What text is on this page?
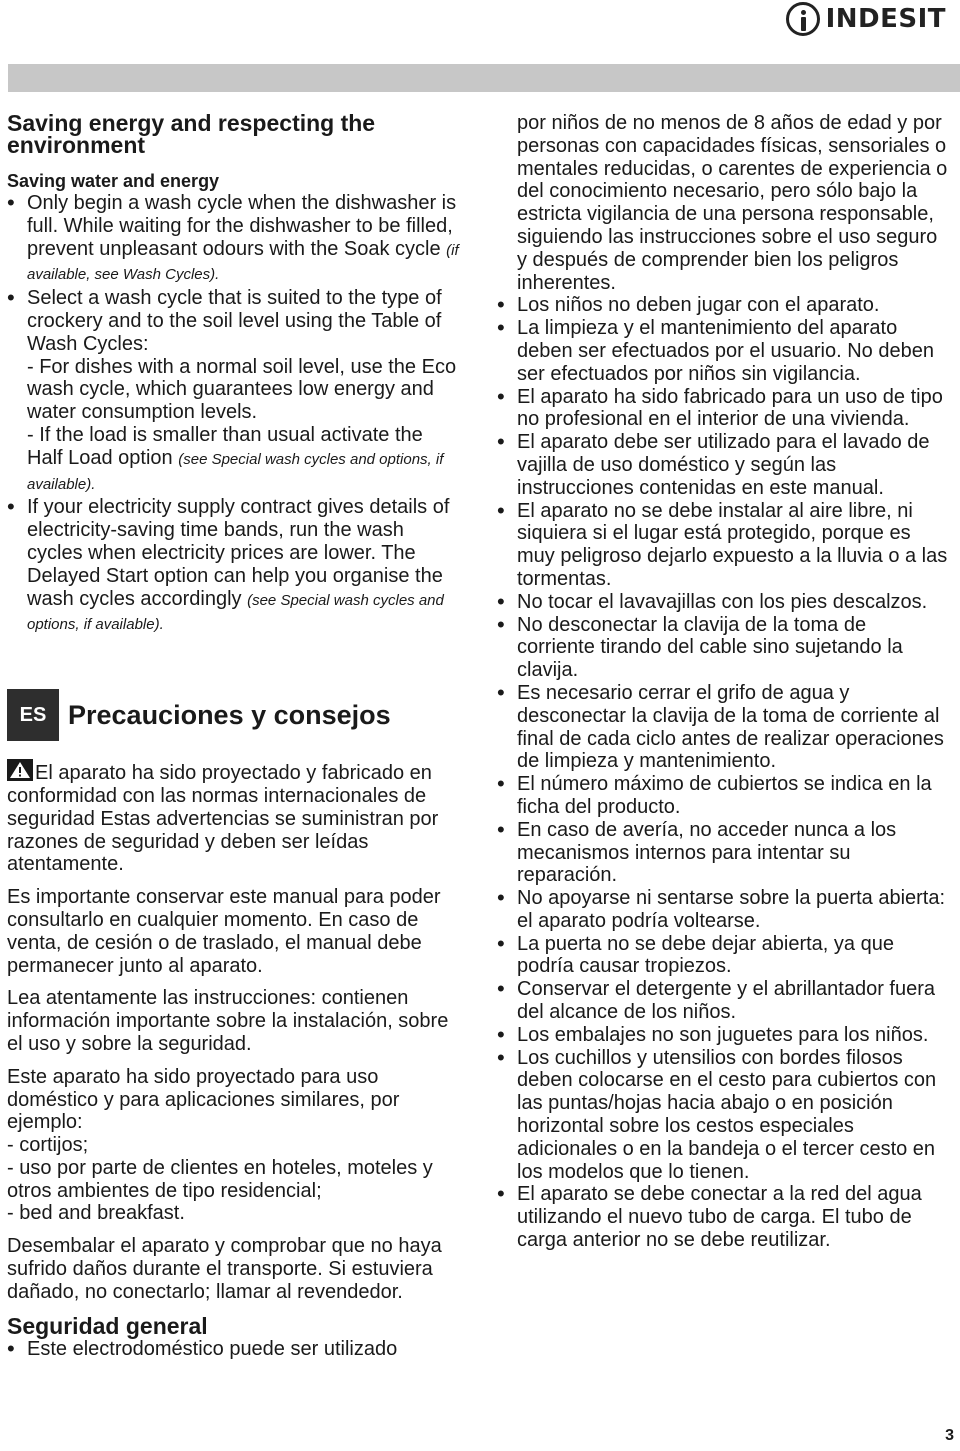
INDESIT
Saving energy and respecting the environment
Saving water and energy
• Only begin a wash cycle when the dishwasher is full. While waiting for the dishwasher to be filled, prevent unpleasant odours with the Soak cycle (if available, see Wash Cycles).
• Select a wash cycle that is suited to the type of crockery and to the soil level using the Table of Wash Cycles:
- For dishes with a normal soil level, use the Eco wash cycle, which guarantees low energy and water consumption levels.
- If the load is smaller than usual activate the Half Load option (see Special wash cycles and options, if available).
• If your electricity supply contract gives details of electricity-saving time bands, run the wash cycles when electricity prices are lower. The Delayed Start option can help you organise the wash cycles accordingly (see Special wash cycles and options, if available).
ES Precauciones y consejos

El aparato ha sido proyectado y fabricado en conformidad con las normas internacionales de seguridad Estas advertencias se suministran por razones de seguridad y deben ser leídas atentamente.

Es importante conservar este manual para poder consultarlo en cualquier momento. En caso de venta, de cesión o de traslado, el manual debe permanecer junto al aparato.

Lea atentamente las instrucciones: contienen información importante sobre la instalación, sobre el uso y sobre la seguridad.

Este aparato ha sido proyectado para uso doméstico y para aplicaciones similares, por ejemplo:
- cortijos;
- uso por parte de clientes en hoteles, moteles y otros ambientes de tipo residencial;
- bed and breakfast.

Desembalar el aparato y comprobar que no haya sufrido daños durante el transporte. Si estuviera dañado, no conectarlo; llamar al revendedor.

Seguridad general
• Este electrodoméstico puede ser utilizado

por niños de no menos de 8 años de edad y por personas con capacidades físicas, sensoriales o mentales reducidas, o carentes de experiencia o del conocimiento necesario, pero sólo bajo la estricta vigilancia de una persona responsable, siguiendo las instrucciones sobre el uso seguro y después de comprender bien los peligros inherentes.

• Los niños no deben jugar con el aparato.
• La limpieza y el mantenimiento del aparato deben ser efectuados por el usuario. No deben ser efectuados por niños sin vigilancia.
• El aparato ha sido fabricado para un uso de tipo no profesional en el interior de una vivienda.
• El aparato debe ser utilizado para el lavado de vajilla de uso doméstico y según las instrucciones contenidas en este manual.
• El aparato no se debe instalar al aire libre, ni siquiera si el lugar está protegido, porque es muy peligroso dejarlo expuesto a la lluvia o a las tormentas.
• No tocar el lavavajillas con los pies descalzos.
• No desconectar la clavija de la toma de corriente tirando del cable sino sujetando la clavija.
• Es necesario cerrar el grifo de agua y desconectar la clavija de la toma de corriente al final de cada ciclo antes de realizar operaciones de limpieza y mantenimiento.
• El número máximo de cubiertos se indica en la ficha del producto.
• En caso de avería, no acceder nunca a los mecanismos internos para intentar su reparación.
• No apoyarse ni sentarse sobre la puerta abierta: el aparato podría voltearse.
• La puerta no se debe dejar abierta, ya que podría causar tropiezos.
• Conservar el detergente y el abrillantador fuera del alcance de los niños.
• Los embalajes no son juguetes para los niños.
• Los cuchillos y utensilios con bordes filosos deben colocarse en el cesto para cubiertos con las puntas/hojas hacia abajo o en posición horizontal sobre los cestos especiales adicionales o en la bandeja o el tercer cesto en los modelos que lo tienen.
• El aparato se debe conectar a la red del agua utilizando el nuevo tubo de carga. El tubo de carga anterior no se debe reutilizar.
3
